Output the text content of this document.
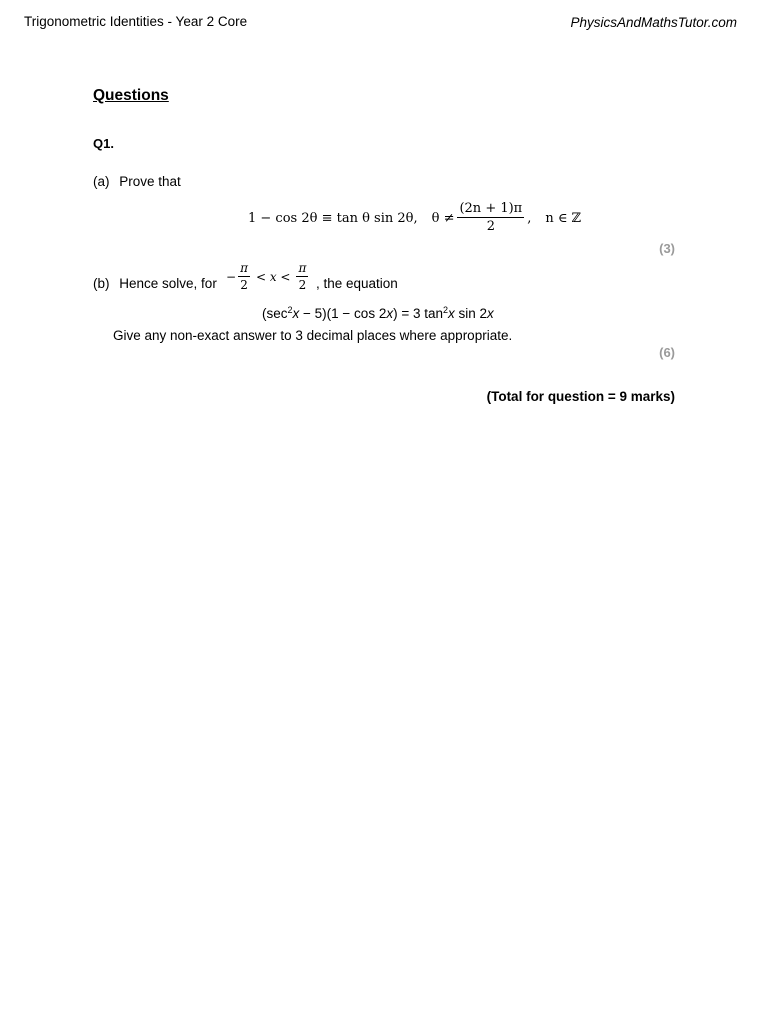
Trigonometric Identities - Year 2 Core	PhysicsAndMathsTutor.com
Questions
Q1.
(a) Prove that
1 − cos 2θ ≡ tan θ sin 2θ, $\theta \ne \frac{(2n + 1)\pi}{2}$ , n ∈ ℤ
(3)
(b) Hence solve, for − $\frac{\pi}{2} < x < \frac{\pi}{2}$ , the equation
$(\sec^2x - 5)(1 - \cos 2x) = 3$ $\tan^2x$ sin 2x
Give any non-exact answer to 3 decimal places where appropriate.
(6)
(Total for question = 9 marks)
